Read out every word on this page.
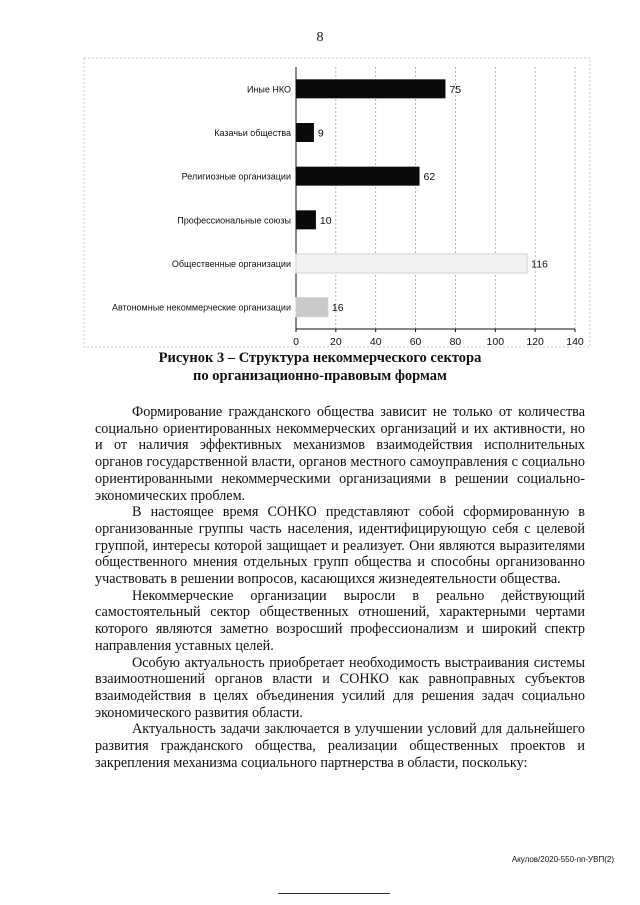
8
0	20	40	60	80 100 120 140
Иные НКО	75
Казачьи общества	9
Религиозные организации	62
Профессиональные союзы	10
Общественные организации	116
Автономные некоммерческие организации	16
Рисунок 3 – Структура некоммерческого сектора
по организационно-правовым формам

Формирование гражданского общества зависит не только от количества социально ориентированных некоммерческих организаций и их активности, но и от наличия эффективных механизмов взаимодействия исполнительных органов государственной власти, органов местного самоуправления с социально ориентированными некоммерческими организациями в решении социально-экономических проблем.

В настоящее время СОНКО представляют собой сформированную в организованные группы часть населения, идентифицирующую себя с целевой группой, интересы которой защищает и реализует. Они являются выразителями общественного мнения отдельных групп общества и способны организованно участвовать в решении вопросов, касающихся жизнедеятельности общества.

Некоммерческие организации выросли в реально действующий самостоятельный сектор общественных отношений, характерными чертами которого являются заметно возросший профессионализм и широкий спектр направления уставных целей.

Особую актуальность приобретает необходимость выстраивания системы взаимоотношений органов власти и СОНКО как равноправных субъектов взаимодействия в целях объединения усилий для решения задач социально экономического развития области.

Актуальность задачи заключается в улучшении условий для дальнейшего развития гражданского общества, реализации общественных проектов и закрепления механизма социального партнерства в области, поскольку:

Акулов/2020-550-пп-УВП(2)
